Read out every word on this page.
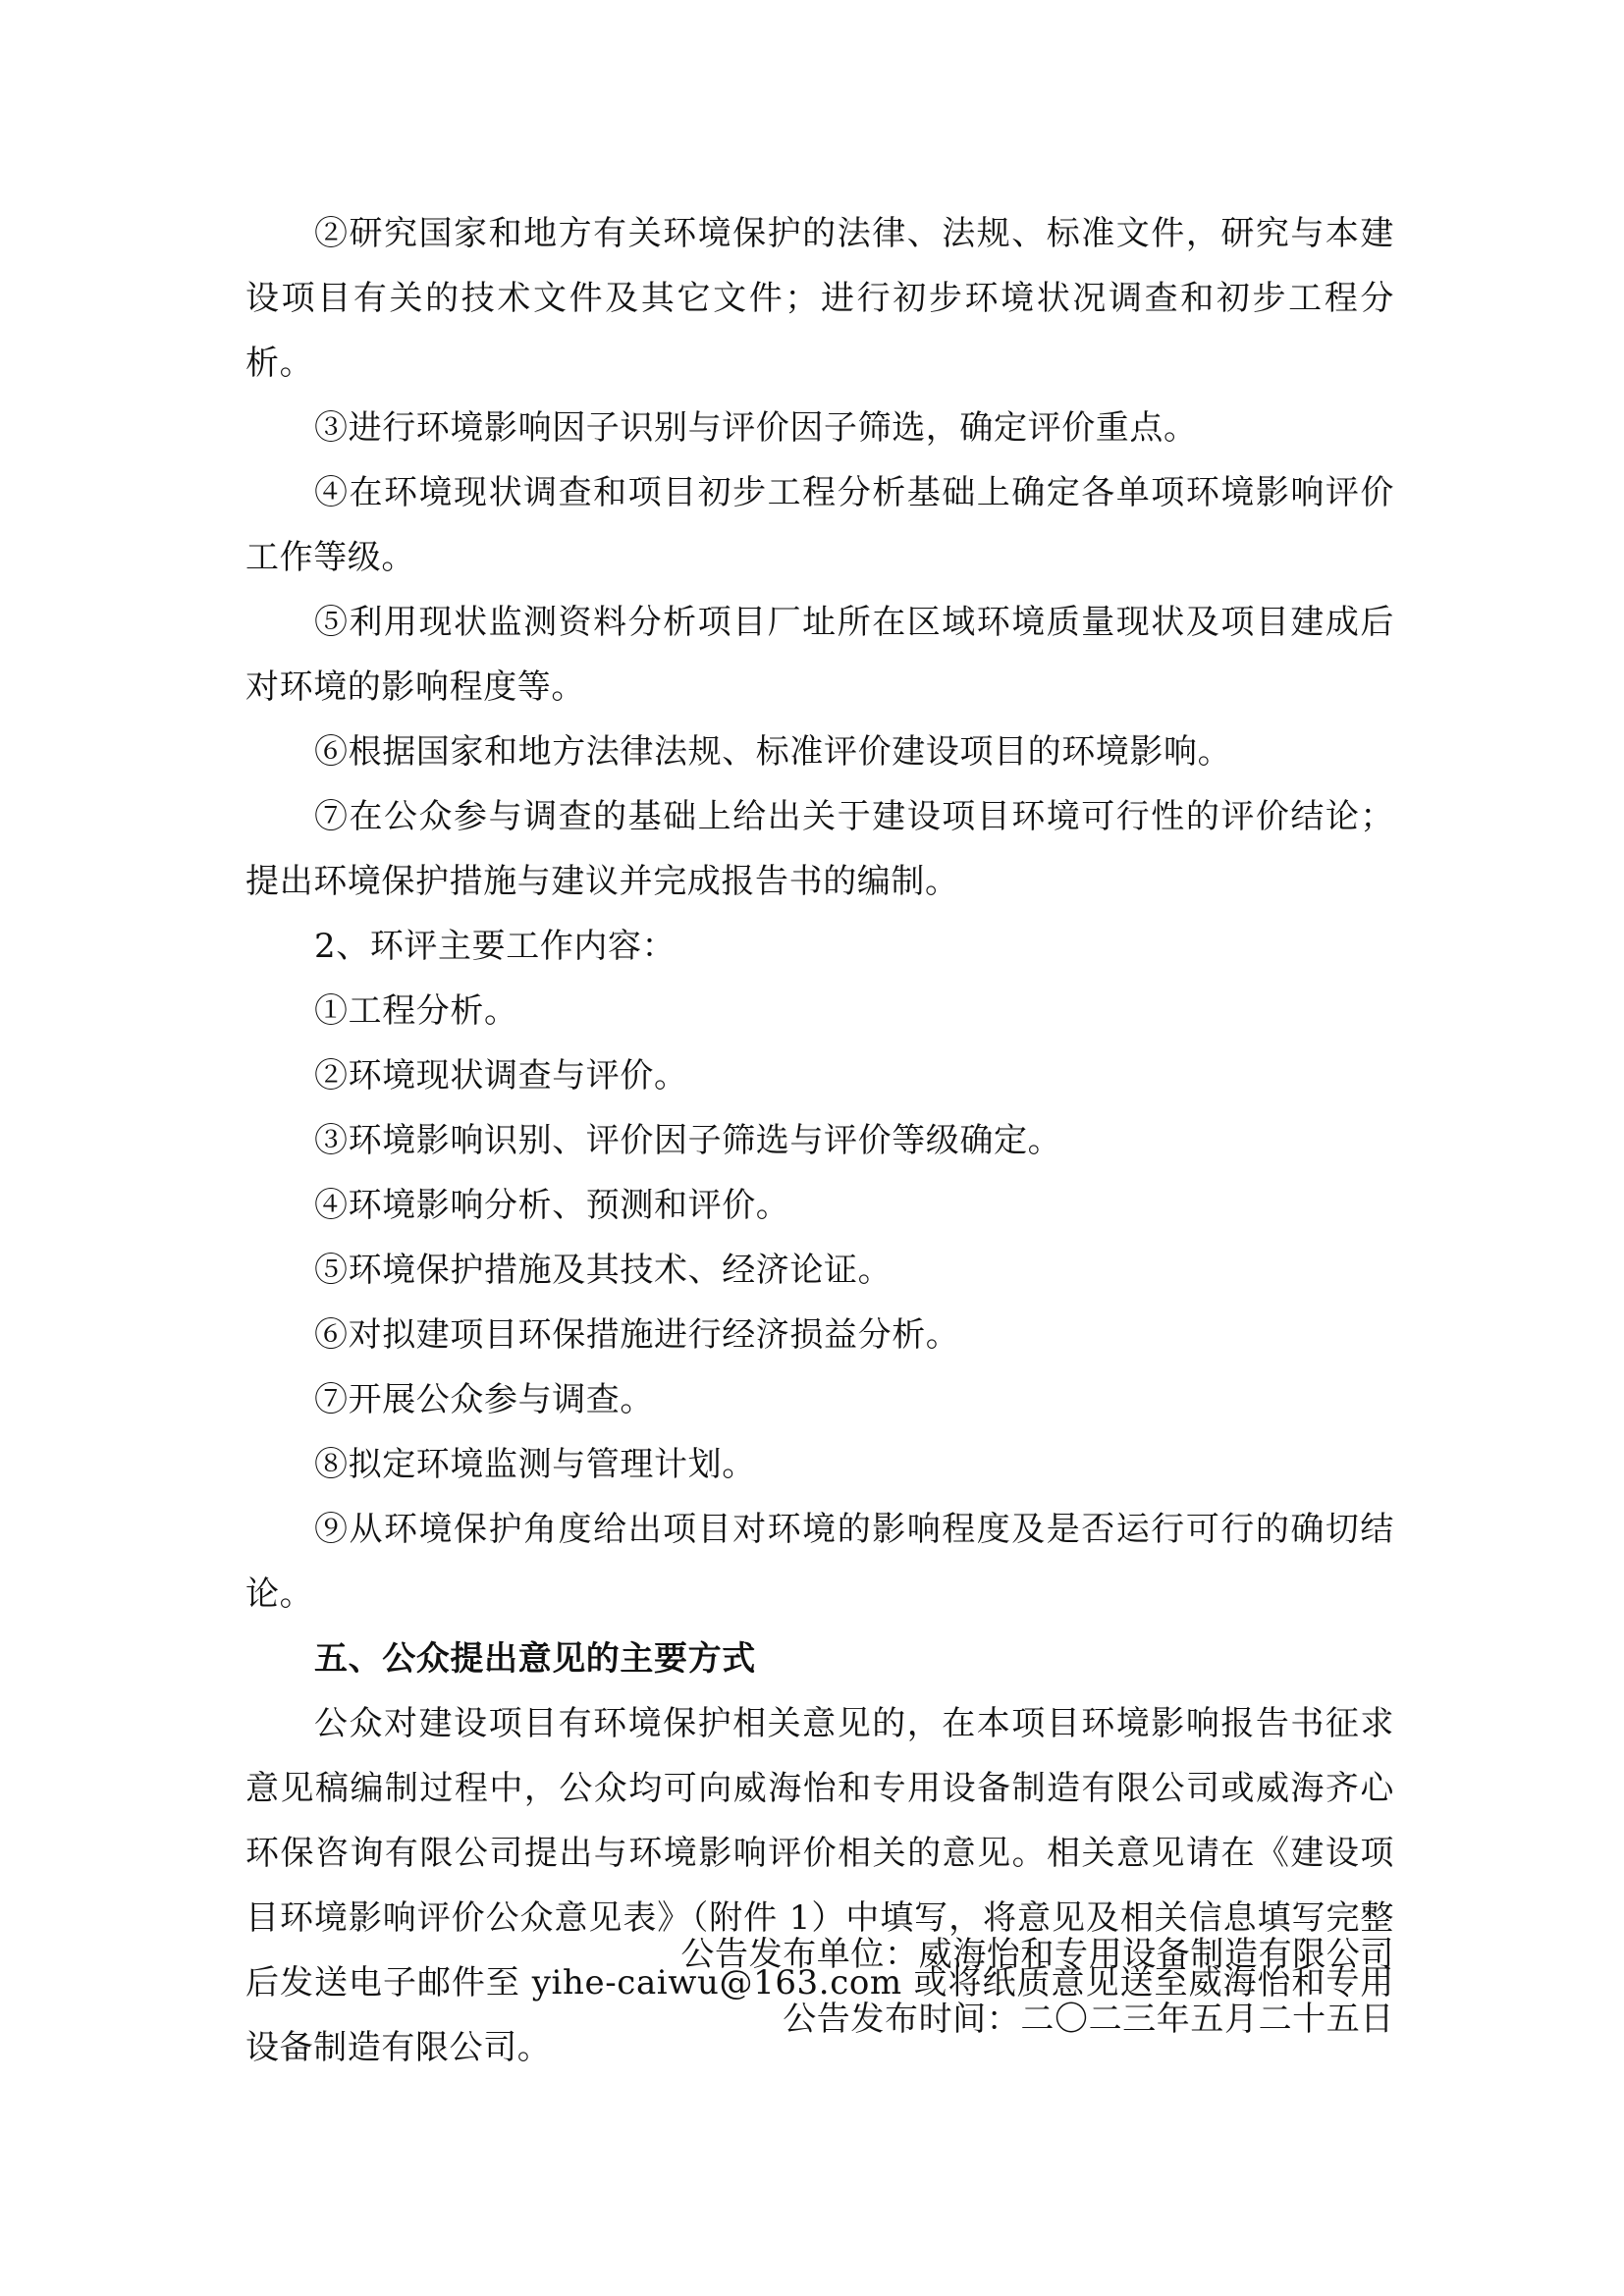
②研究国家和地方有关环境保护的法律、法规、标准文件，研究与本建设项目有关的技术文件及其它文件；进行初步环境状况调查和初步工程分析。

③进行环境影响因子识别与评价因子筛选，确定评价重点。

④在环境现状调查和项目初步工程分析基础上确定各单项环境影响评价工作等级。

⑤利用现状监测资料分析项目厂址所在区域环境质量现状及项目建成后对环境的影响程度等。

⑥根据国家和地方法律法规、标准评价建设项目的环境影响。

⑦在公众参与调查的基础上给出关于建设项目环境可行性的评价结论；提出环境保护措施与建议并完成报告书的编制。

2、环评主要工作内容：

①工程分析。

②环境现状调查与评价。

③环境影响识别、评价因子筛选与评价等级确定。

④环境影响分析、预测和评价。

⑤环境保护措施及其技术、经济论证。

⑥对拟建项目环保措施进行经济损益分析。

⑦开展公众参与调查。

⑧拟定环境监测与管理计划。

⑨从环境保护角度给出项目对环境的影响程度及是否运行可行的确切结论。

五、公众提出意见的主要方式

公众对建设项目有环境保护相关意见的，在本项目环境影响报告书征求意见稿编制过程中，公众均可向威海怡和专用设备制造有限公司或威海齐心环保咨询有限公司提出与环境影响评价相关的意见。相关意见请在《建设项目环境影响评价公众意见表》（附件 1）中填写，将意见及相关信息填写完整后发送电子邮件至 yihe-caiwu@163.com 或将纸质意见送至威海怡和专用设备制造有限公司。

公告发布单位：威海怡和专用设备制造有限公司

公告发布时间：二〇二三年五月二十五日
